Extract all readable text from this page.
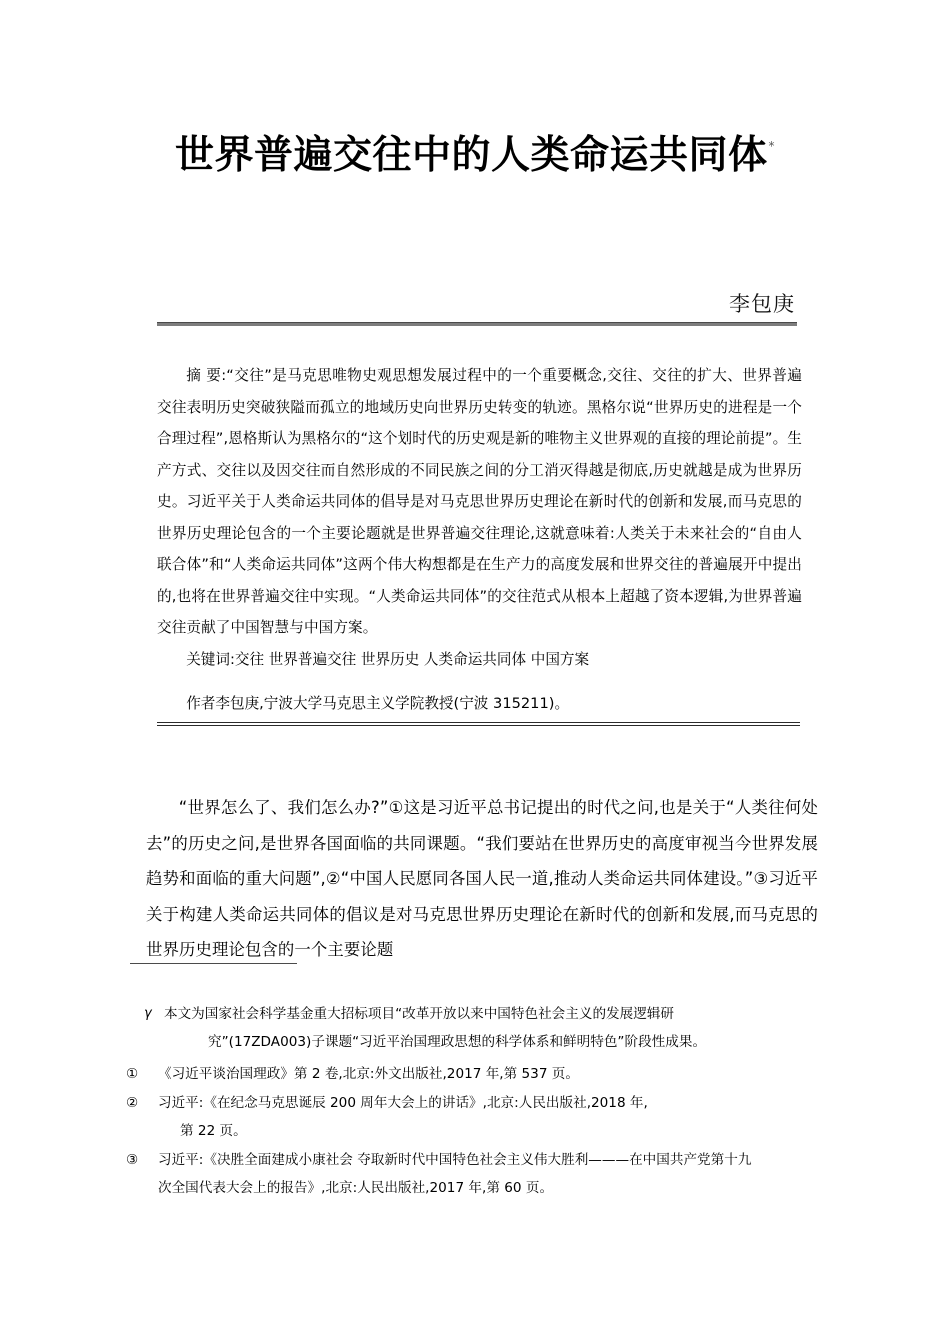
世界普遍交往中的人类命运共同体*
李包庚

摘 要:“交往”是马克思唯物史观思想发展过程中的一个重要概念,交往、交往的扩大、世界普遍交往表明历史突破狭隘而孤立的地域历史向世界历史转变的轨迹。黑格尔说“世界历史的进程是一个合理过程”,恩格斯认为黑格尔的“这个划时代的历史观是新的唯物主义世界观的直接的理论前提”。生产方式、交往以及因交往而自然形成的不同民族之间的分工消灭得越是彻底,历史就越是成为世界历史。习近平关于人类命运共同体的倡导是对马克思世界历史理论在新时代的创新和发展,而马克思的世界历史理论包含的一个主要论题就是世界普遍交往理论,这就意味着:人类关于未来社会的“自由人联合体”和“人类命运共同体”这两个伟大构想都是在生产力的高度发展和世界交往的普遍展开中提出的,也将在世界普遍交往中实现。“人类命运共同体”的交往范式从根本上超越了资本逻辑,为世界普遍交往贡献了中国智慧与中国方案。

关键词:交往 世界普遍交往 世界历史 人类命运共同体 中国方案

作者李包庚,宁波大学马克思主义学院教授(宁波 315211)。

“世界怎么了、我们怎么办?”①这是习近平总书记提出的时代之问,也是关于“人类往何处去”的历史之问,是世界各国面临的共同课题。“我们要站在世界历史的高度审视当今世界发展趋势和面临的重大问题”,②“中国人民愿同各国人民一道,推动人类命运共同体建设。”③习近平关于构建人类命运共同体的倡议是对马克思世界历史理论在新时代的创新和发展,而马克思的世界历史理论包含的一个主要论题

γ 本文为国家社会科学基金重大招标项目“改革开放以来中国特色社会主义的发展逻辑研
究”(17ZDA003)子课题“习近平治国理政思想的科学体系和鲜明特色”阶段性成果。
①	《习近平谈治国理政》第 2 卷,北京:外文出版社,2017 年,第 537 页。
②	习近平:《在纪念马克思诞辰 200 周年大会上的讲话》,北京:人民出版社,2018 年,
第 22 页。
③	习近平:《决胜全面建成小康社会 夺取新时代中国特色社会主义伟大胜利———在中国共产党第十九
次全国代表大会上的报告》,北京:人民出版社,2017 年,第 60 页。
